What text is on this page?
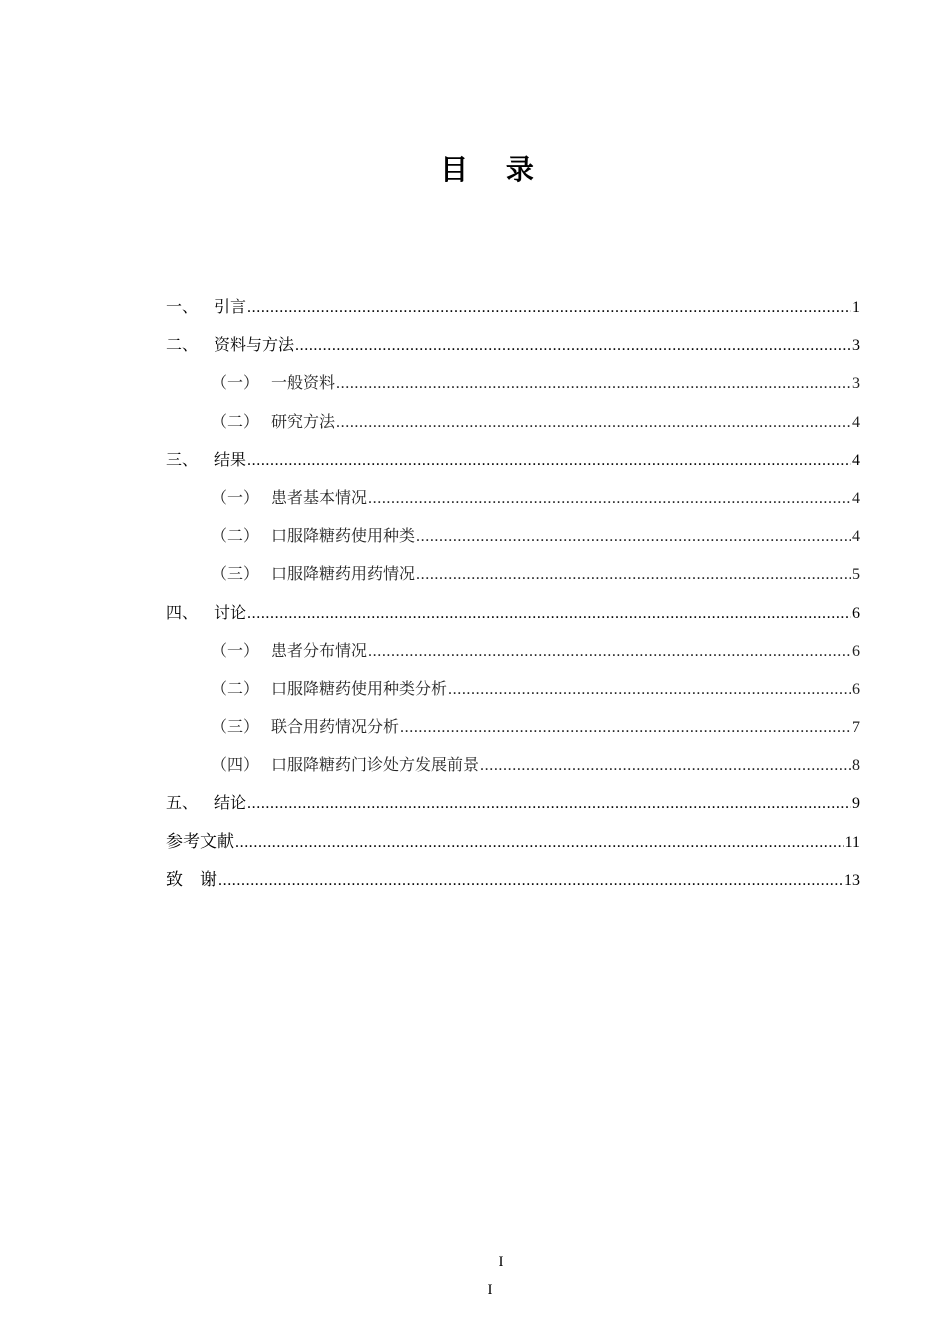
目 录
一、 引言 .....	1
二、 资料与方法 .....	3
（一） 一般资料 .....	3
（二） 研究方法 .....	4
三、 结果 .....	4
（一） 患者基本情况 .....	4
（二） 口服降糖药使用种类 .....	4
（三） 口服降糖药用药情况 .....	5
四、 讨论 .....	6
（一） 患者分布情况 .....	6
（二） 口服降糖药使用种类分析 .....	6
（三） 联合用药情况分析 .....	7
（四） 口服降糖药门诊处方发展前景 .....	8
五、 结论 .....	9
参考文献 .....	11
致　谢 .....	13
I
I
